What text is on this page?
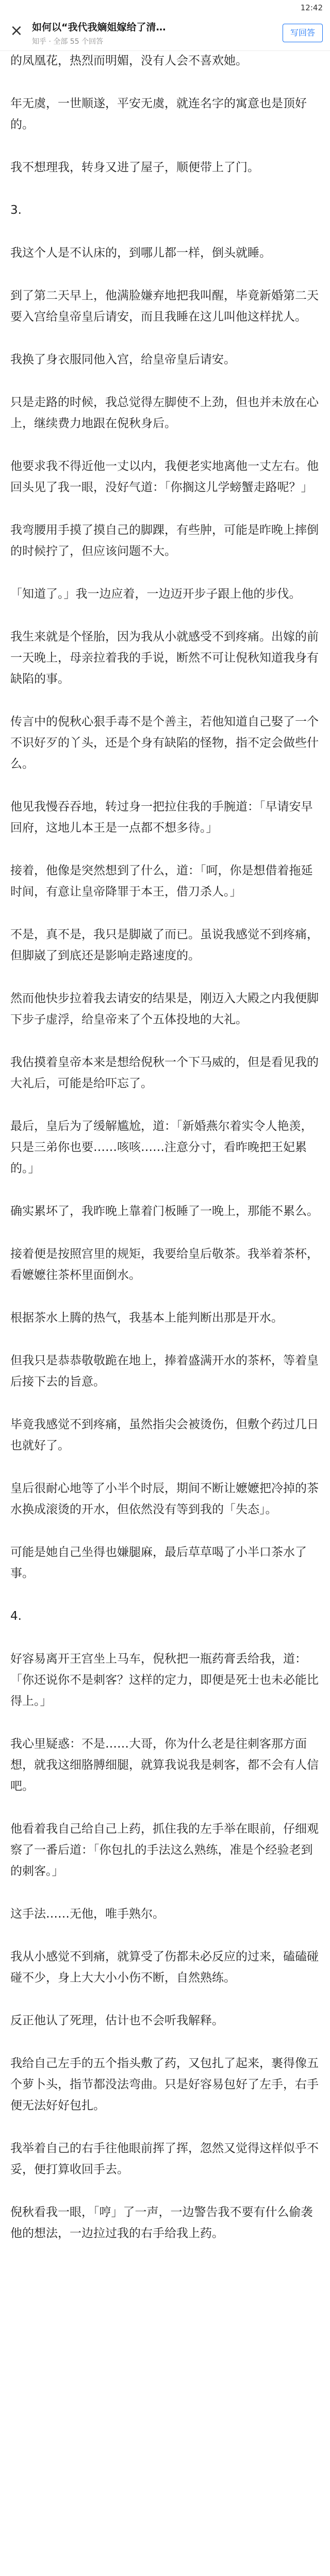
12:42
× 如何以“我代我嫡姐嫁给了清…
知乎 · 全部 55 个回答
写回答

的凤凰花，热烈而明媚，没有人会不喜欢她。

年无虞，一世顺遂，平安无虞，就连名字的寓意也是顶好的。

我不想理我，转身又进了屋子，顺便带上了门。

3.

我这个人是不认床的，到哪儿都一样，倒头就睡。

到了第二天早上，他满脸嫌弃地把我叫醒，毕竟新婚第二天要入宫给皇帝皇后请安，而且我睡在这儿叫他这样扰人。

我换了身衣服同他入宫，给皇帝皇后请安。

只是走路的时候，我总觉得左脚使不上劲，但也并未放在心上，继续费力地跟在倪秋身后。

他要求我不得近他一丈以内，我便老实地离他一丈左右。他回头见了我一眼，没好气道：「你搁这儿学螃蟹走路呢？」

我弯腰用手摸了摸自己的脚踝，有些肿，可能是昨晚上摔倒的时候拧了，但应该问题不大。

「知道了。」我一边应着，一边迈开步子跟上他的步伐。

我生来就是个怪胎，因为我从小就感受不到疼痛。出嫁的前一天晚上，母亲拉着我的手说，断然不可让倪秋知道我身有缺陷的事。

传言中的倪秋心狠手毒不是个善主，若他知道自己娶了一个不识好歹的丫头，还是个身有缺陷的怪物，指不定会做些什么。

他见我慢吞吞地，转过身一把拉住我的手腕道：「早请安早回府，这地儿本王是一点都不想多待。」

接着，他像是突然想到了什么，道：「呵，你是想借着拖延时间，有意让皇帝降罪于本王，借刀杀人。」

不是，真不是，我只是脚崴了而已。虽说我感觉不到疼痛，但脚崴了到底还是影响走路速度的。

然而他快步拉着我去请安的结果是，刚迈入大殿之内我便脚下步子虚浮，给皇帝来了个五体投地的大礼。

我估摸着皇帝本来是想给倪秋一个下马威的，但是看见我的大礼后，可能是给吓忘了。

最后，皇后为了缓解尴尬，道：「新婚燕尔着实令人艳羡，只是三弟你也要……咳咳……注意分寸，看昨晚把王妃累的。」

确实累坏了，我昨晚上靠着门板睡了一晚上，那能不累么。

接着便是按照宫里的规矩，我要给皇后敬茶。我举着茶杯，看嬷嬷往茶杯里面倒水。

根据茶水上腾的热气，我基本上能判断出那是开水。

但我只是恭恭敬敬跪在地上，捧着盛满开水的茶杯，等着皇后接下去的旨意。

毕竟我感觉不到疼痛，虽然指尖会被烫伤，但敷个药过几日也就好了。

皇后很耐心地等了小半个时辰，期间不断让嬷嬷把冷掉的茶水换成滚烫的开水，但依然没有等到我的「失态」。

可能是她自己坐得也嫌腿麻，最后草草喝了小半口茶水了事。

4.

好容易离开王宫坐上马车，倪秋把一瓶药膏丢给我，道：「你还说你不是刺客？这样的定力，即便是死士也未必能比得上。」

我心里疑惑：不是……大哥，你为什么老是往刺客那方面想，就我这细胳膊细腿，就算我说我是刺客，都不会有人信吧。

他看着我自己给自己上药，抓住我的左手举在眼前，仔细观察了一番后道：「你包扎的手法这么熟练，准是个经验老到的刺客。」

这手法……无他，唯手熟尔。

我从小感觉不到痛，就算受了伤都未必反应的过来，磕磕碰碰不少，身上大大小小伤不断，自然熟练。

反正他认了死理，估计也不会听我解释。

我给自己左手的五个指头敷了药，又包扎了起来，裹得像五个萝卜头，指节都没法弯曲。只是好容易包好了左手，右手便无法好好包扎。

我举着自己的右手往他眼前挥了挥，忽然又觉得这样似乎不妥，便打算收回手去。

倪秋看我一眼，「哼」了一声，一边警告我不要有什么偷袭他的想法，一边拉过我的右手给我上药。
